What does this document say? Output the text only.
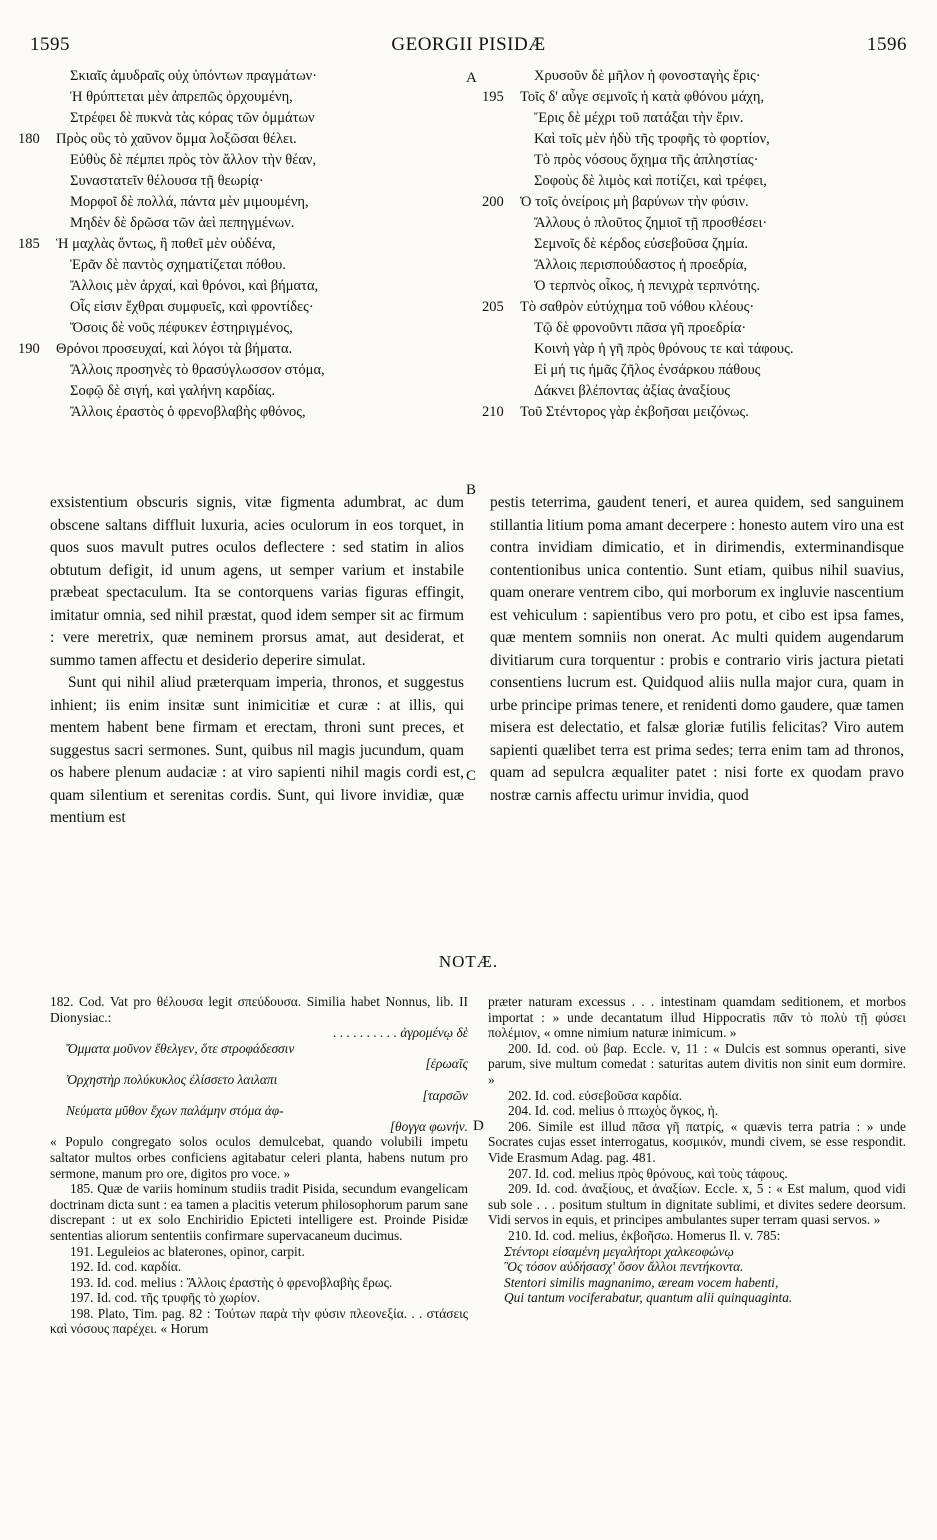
1595	GEORGII PISIDÆ	1596
A
B
C
D
Σκιαῖς ἀμυδραῖς οὐχ ὑπόντων πραγμάτων·
Ἡ θρύπτεται μὲν ἀπρεπῶς ὀρχουμένη,
Στρέφει δὲ πυκνὰ τὰς κόρας τῶν ὀμμάτων
180	Πρὸς οὓς τὸ χαῦνον ὄμμα λοξῶσαι θέλει.
Εὐθὺς δὲ πέμπει πρὸς τὸν ἄλλον τὴν θέαν,
Συναστατεῖν θέλουσα τῇ θεωρίᾳ·
Μορφοῖ δὲ πολλά, πάντα μὲν μιμουμένη,
Μηδὲν δὲ δρῶσα τῶν ἀεὶ πεπηγμένων.
185	Ἡ μαχλὰς ὄντως, ἣ ποθεῖ μὲν οὐδένα,
Ἐρᾶν δὲ παντὸς σχηματίζεται πόθου.
Ἄλλοις μὲν ἀρχαί, καὶ θρόνοι, καὶ βήματα,
Οἷς εἰσιν ἔχθραι συμφυεῖς, καὶ φροντίδες·
Ὅσοις δὲ νοῦς πέφυκεν ἐστηριγμένος,
190	Θρόνοι προσευχαί, καὶ λόγοι τὰ βήματα.
Ἄλλοις προσηνὲς τὸ θρασύγλωσσον στόμα,
Σοφῷ δὲ σιγή, καὶ γαλήνη καρδίας.
Ἄλλοις ἐραστὸς ὁ φρενοβλαβὴς φθόνος,
Χρυσοῦν δὲ μῆλον ἡ φονοσταγὴς ἔρις·
195	Τοῖς δ' αὖγε σεμνοῖς ἡ κατὰ φθόνου μάχη,
Ἔρις δὲ μέχρι τοῦ πατάξαι τὴν ἔριν.
Καὶ τοῖς μὲν ἡδὺ τῆς τροφῆς τὸ φορτίον,
Τὸ πρὸς νόσους ὄχημα τῆς ἀπληστίας·
Σοφοὺς δὲ λιμὸς καὶ ποτίζει, καὶ τρέφει,
200	Ὁ τοῖς ὀνείροις μὴ βαρύνων τὴν φύσιν.
Ἄλλους ὁ πλοῦτος ζημιοῖ τῇ προσθέσει·
Σεμνοῖς δὲ κέρδος εὐσεβοῦσα ζημία.
Ἄλλοις περισπούδαστος ἡ προεδρία,
Ὁ τερπνὸς οἶκος, ἡ πενιχρὰ τερπνότης.
205	Τὸ σαθρὸν εὐτύχημα τοῦ νόθου κλέους·
Τῷ δὲ φρονοῦντι πᾶσα γῆ προεδρία·
Κοινὴ γὰρ ἡ γῆ πρὸς θρόνους τε καὶ τάφους.
Εἰ μή τις ἡμᾶς ζῆλος ἐνσάρκου πάθους
Δάκνει βλέποντας ἀξίας ἀναξίους
210	Τοῦ Στέντορος γὰρ ἐκβοῆσαι μειζόνως.

exsistentium obscuris signis, vitæ figmenta adumbrat, ac dum obscene saltans diffluit luxuria, acies oculorum in eos torquet, in quos suos mavult putres oculos deflectere : sed statim in alios obtutum defigit, id unum agens, ut semper varium et instabile præbeat spectaculum. Ita se contorquens varias figuras effingit, imitatur omnia, sed nihil præstat, quod idem semper sit ac firmum : vere meretrix, quæ neminem prorsus amat, aut desiderat, et summo tamen affectu et desiderio deperire simulat.

Sunt qui nihil aliud præterquam imperia, thronos, et suggestus inhient; iis enim insitæ sunt inimicitiæ et curæ : at illis, qui mentem habent bene firmam et erectam, throni sunt preces, et suggestus sacri sermones. Sunt, quibus nil magis jucundum, quam os habere plenum audaciæ : at viro sapienti nihil magis cordi est, quam silentium et serenitas cordis. Sunt, qui livore invidiæ, quæ mentium est

pestis teterrima, gaudent teneri, et aurea quidem, sed sanguinem stillantia litium poma amant decerpere : honesto autem viro una est contra invidiam dimicatio, et in dirimendis, exterminandisque contentionibus unica contentio. Sunt etiam, quibus nihil suavius, quam onerare ventrem cibo, qui morborum ex ingluvie nascentium est vehiculum : sapientibus vero pro potu, et cibo est ipsa fames, quæ mentem somniis non onerat. Ac multi quidem augendarum divitiarum cura torquentur : probis e contrario viris jactura pietati consentiens lucrum est. Quidquod aliis nulla major cura, quam in urbe principe primas tenere, et renidenti domo gaudere, quæ tamen misera est delectatio, et falsæ gloriæ futilis felicitas? Viro autem sapienti quælibet terra est prima sedes; terra enim tam ad thronos, quam ad sepulcra æqualiter patet : nisi forte ex quodam pravo nostræ carnis affectu urimur invidia, quod

NOTÆ.

182. Cod. Vat pro θέλουσα legit σπεύδουσα. Similia habet Nonnus, lib. II Dionysiac.:

. . . . . . . . . . ἀγρομένῳ δὲ

Ὄμματα μοῦνον ἔθελγεν, ὅτε στροφάδεσσιν

[ἐρωαῖς

Ὀρχηστὴρ πολύκυκλος ἐλίσσετο λαιλαπι

[ταρσῶν

Νεύματα μῦθον ἔχων παλάμην στόμα ἀφ-

[θογγα φωνήν.

« Populo congregato solos oculos demulcebat, quando volubili impetu saltator multos orbes conficiens agitabatur celeri planta, habens nutum pro sermone, manum pro ore, digitos pro voce. »

185. Quæ de variis hominum studiis tradit Pisida, secundum evangelicam doctrinam dicta sunt : ea tamen a placitis veterum philosophorum parum sane discrepant : ut ex solo Enchiridio Epicteti intelligere est. Proinde Pisidæ sententias aliorum sententiis confirmare supervacaneum ducimus.

191. Leguleios ac blaterones, opinor, carpit.

192. Id. cod. καρδία.

193. Id. cod. melius : Ἄλλοις ἐραστὴς ὁ φρενοβλαβὴς ἔρως.

197. Id. cod. τῆς τρυφῆς τὸ χωρίον.

198. Plato, Tim. pag. 82 : Τούτων παρὰ τὴν φύσιν πλεονεξία. . . στάσεις καὶ νόσους παρέχει. « Horum

præter naturam excessus . . . intestinam quamdam seditionem, et morbos importat : » unde decantatum illud Hippocratis πᾶν τὸ πολὺ τῇ φύσει πολέμιον, « omne nimium naturæ inimicum. »

200. Id. cod. οὐ βαρ. Eccle. v, 11 : « Dulcis est somnus operanti, sive parum, sive multum comedat : saturitas autem divitis non sinit eum dormire. »

202. Id. cod. εὐσεβοῦσα καρδία.

204. Id. cod. melius ὁ πτωχὸς ὄγκος, ἡ.

206. Simile est illud πᾶσα γῆ πατρίς, « quævis terra patria : » unde Socrates cujas esset interrogatus, κοσμικόν, mundi civem, se esse respondit. Vide Erasmum Adag. pag. 481.

207. Id. cod. melius πρὸς θρόνους, καὶ τοὺς τάφους.

209. Id. cod. ἀναξίους, et ἀναξίων. Eccle. x, 5 : « Est malum, quod vidi sub sole . . . positum stultum in dignitate sublimi, et divites sedere deorsum. Vidi servos in equis, et principes ambulantes super terram quasi servos. »

210. Id. cod. melius, ἐκβοῆσω. Homerus Il. v. 785:

Στέντορι εἰσαμένη μεγαλήτορι χαλκεοφώνῳ

Ὃς τόσον αὐδήσασχ' ὅσον ἄλλοι πεντήκοντα.

Stentori similis magnanimo, æream vocem habenti,

Qui tantum vociferabatur, quantum alii quinquaginta.
